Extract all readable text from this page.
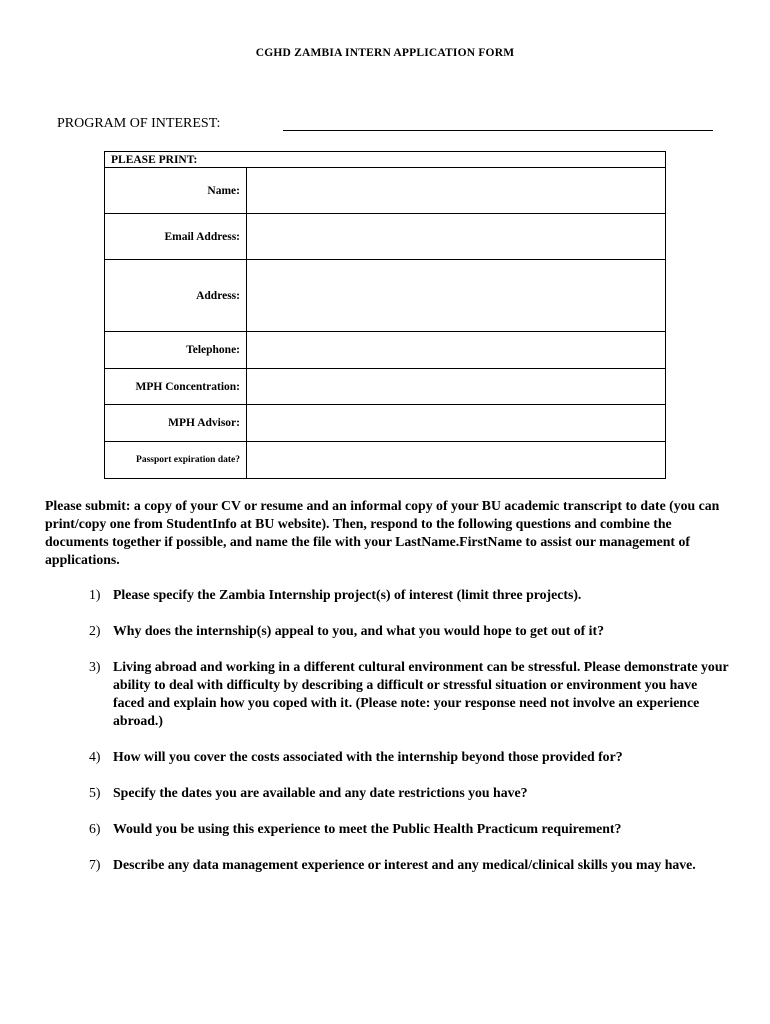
CGHD ZAMBIA INTERN APPLICATION FORM
PROGRAM OF INTEREST:
PLEASE PRINT:	
Name:	
Email Address:	
Address:	
Telephone:	
MPH Concentration:	
MPH Advisor:	
Passport expiration date?	
Please submit: a copy of your CV or resume and an informal copy of your BU academic transcript to date (you can print/copy one from StudentInfo at BU website). Then, respond to the following questions and combine the documents together if possible, and name the file with your LastName.FirstName to assist our management of applications.
1) Please specify the Zambia Internship project(s) of interest (limit three projects).
2) Why does the internship(s) appeal to you, and what you would hope to get out of it?
3) Living abroad and working in a different cultural environment can be stressful. Please demonstrate your ability to deal with difficulty by describing a difficult or stressful situation or environment you have faced and explain how you coped with it. (Please note: your response need not involve an experience abroad.)
4) How will you cover the costs associated with the internship beyond those provided for?
5) Specify the dates you are available and any date restrictions you have?
6) Would you be using this experience to meet the Public Health Practicum requirement?
7) Describe any data management experience or interest and any medical/clinical skills you may have.
